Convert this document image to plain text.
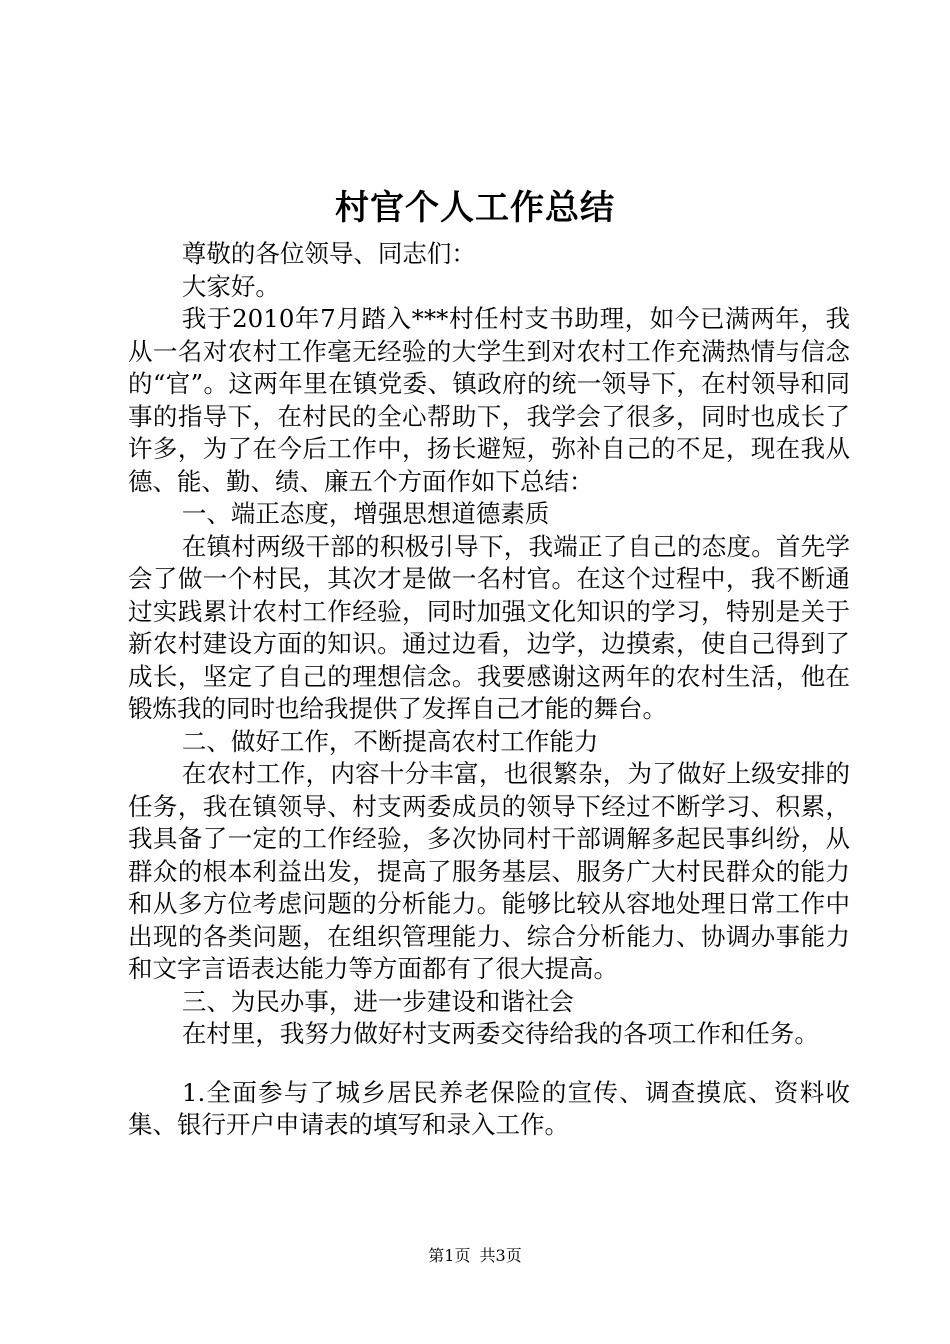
村官个人工作总结

尊敬的各位领导、同志们：

大家好。

我于2010年7月踏入***村任村支书助理，如今已满两年，我从一名对农村工作毫无经验的大学生到对农村工作充满热情与信念的“官”。这两年里在镇党委、镇政府的统一领导下，在村领导和同事的指导下，在村民的全心帮助下，我学会了很多，同时也成长了许多，为了在今后工作中，扬长避短，弥补自己的不足，现在我从德、能、勤、绩、廉五个方面作如下总结：

一、端正态度，增强思想道德素质

在镇村两级干部的积极引导下，我端正了自己的态度。首先学会了做一个村民，其次才是做一名村官。在这个过程中，我不断通过实践累计农村工作经验，同时加强文化知识的学习，特别是关于新农村建设方面的知识。通过边看，边学，边摸索，使自己得到了成长，坚定了自己的理想信念。我要感谢这两年的农村生活，他在锻炼我的同时也给我提供了发挥自己才能的舞台。

二、做好工作，不断提高农村工作能力

在农村工作，内容十分丰富，也很繁杂，为了做好上级安排的任务，我在镇领导、村支两委成员的领导下经过不断学习、积累，我具备了一定的工作经验，多次协同村干部调解多起民事纠纷，从群众的根本利益出发，提高了服务基层、服务广大村民群众的能力和从多方位考虑问题的分析能力。能够比较从容地处理日常工作中出现的各类问题，在组织管理能力、综合分析能力、协调办事能力和文字言语表达能力等方面都有了很大提高。

三、为民办事，进一步建设和谐社会

在村里，我努力做好村支两委交待给我的各项工作和任务。

1.全面参与了城乡居民养老保险的宣传、调查摸底、资料收集、银行开户申请表的填写和录入工作。

第1页 共3页
